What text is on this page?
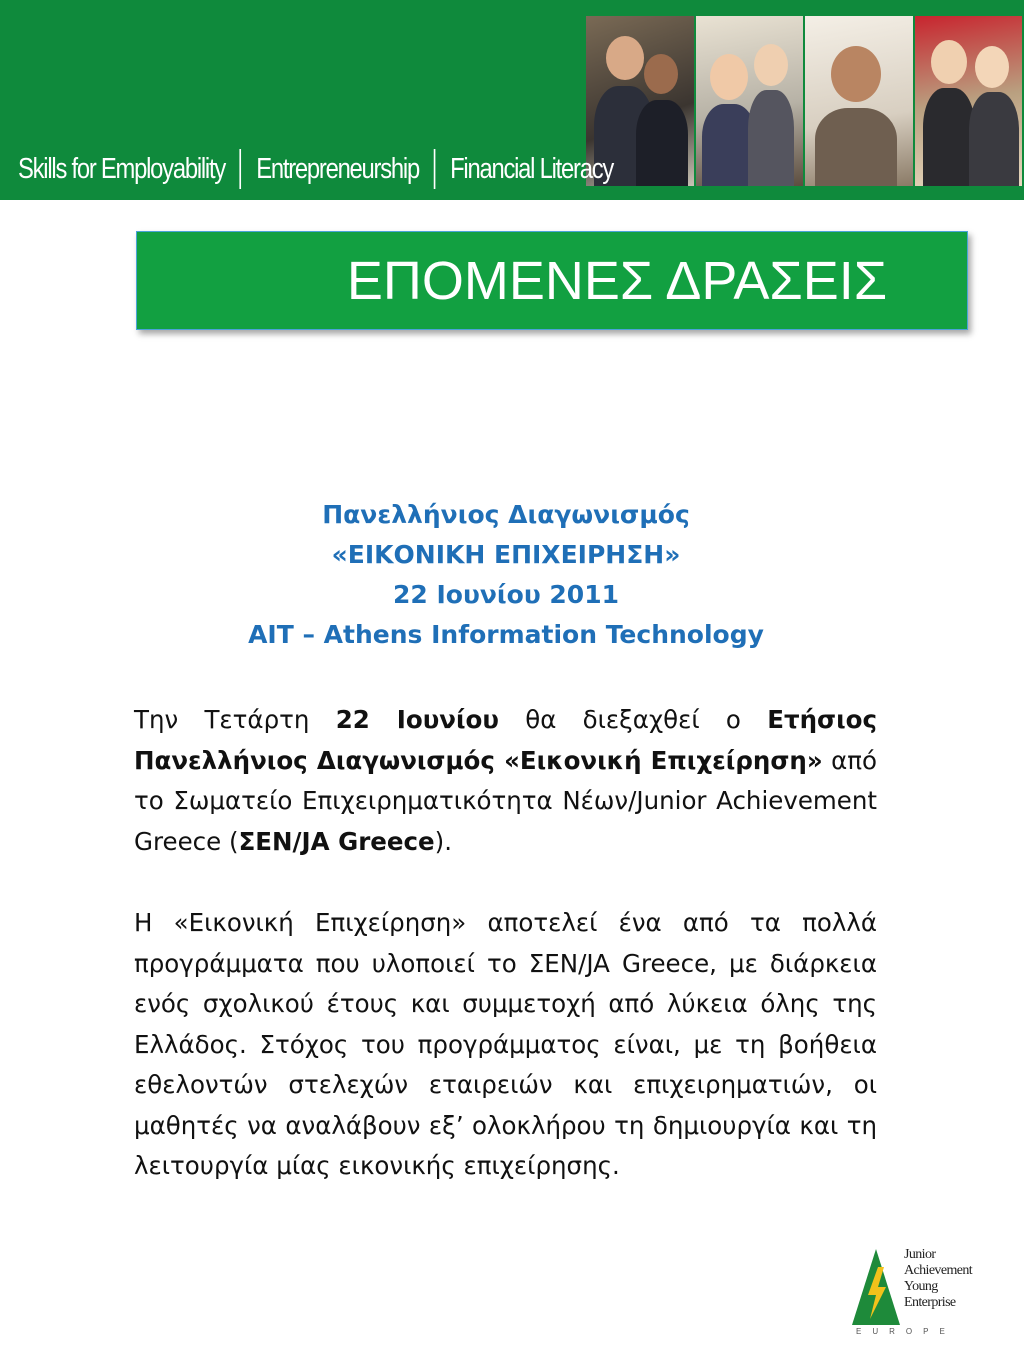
Skills for Employability Entrepreneurship Financial Literacy
ΕΠΟΜΕΝΕΣ ΔΡΑΣΕΙΣ
Πανελλήνιος Διαγωνισμός
«ΕΙΚΟΝΙΚΗ ΕΠΙΧΕΙΡΗΣΗ»
22 Ιουνίου 2011
AIT – Athens Information Technology
Την Τετάρτη 22 Ιουνίου θα διεξαχθεί ο Ετήσιος Πανελλήνιος Διαγωνισμός «Εικονική Επιχείρηση» από το Σωματείο Επιχειρηματικότητα Νέων/Junior Achievement Greece (ΣΕΝ/JA Greece).
Η «Εικονική Επιχείρηση» αποτελεί ένα από τα πολλά προγράμματα που υλοποιεί το ΣΕΝ/JA Greece, με διάρκεια ενός σχολικού έτους και συμμετοχή από λύκεια όλης της Ελλάδος. Στόχος του προγράμματος είναι, με τη βοήθεια εθελοντών στελεχών εταιρειών και επιχειρηματιών, οι μαθητές να αναλάβουν εξ’ ολοκλήρου τη δημιουργία και τη λειτουργία μίας εικονικής επιχείρησης.
Junior
Achievement
Young
Enterprise
EUROPE
